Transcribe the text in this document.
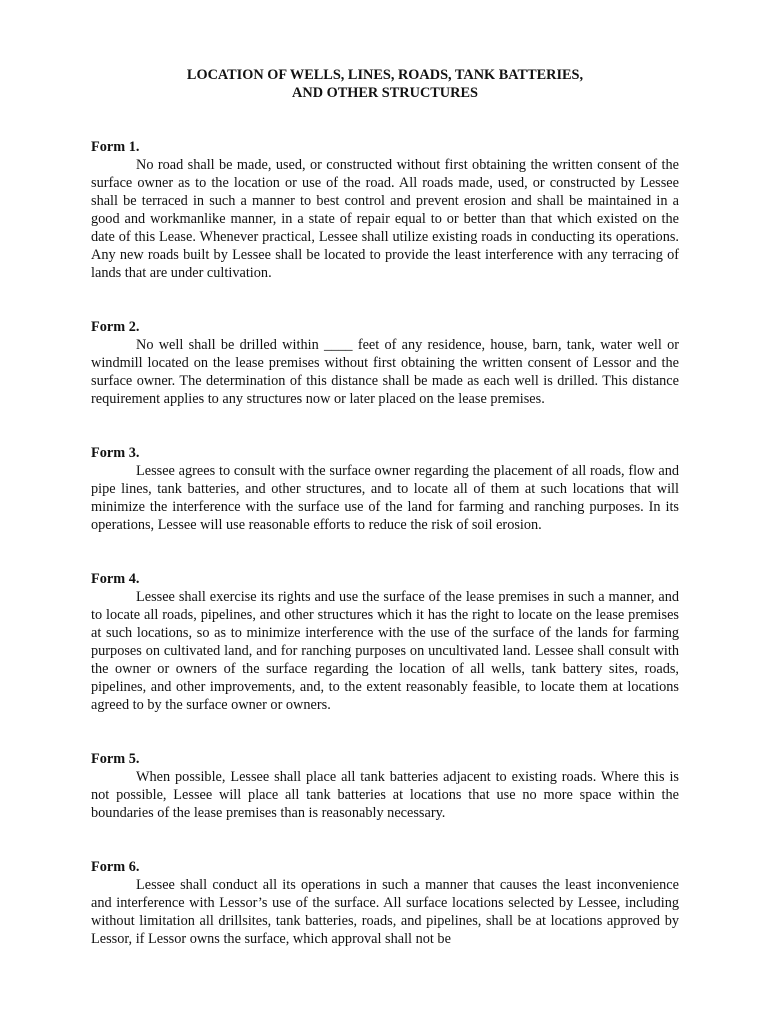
LOCATION OF WELLS, LINES, ROADS, TANK BATTERIES,

AND OTHER STRUCTURES

Form 1.

No road shall be made, used, or constructed without first obtaining the written consent of the surface owner as to the location or use of the road. All roads made, used, or constructed by Lessee shall be terraced in such a manner to best control and prevent erosion and shall be maintained in a good and workmanlike manner, in a state of repair equal to or better than that which existed on the date of this Lease. Whenever practical, Lessee shall utilize existing roads in conducting its operations. Any new roads built by Lessee shall be located to provide the least interference with any terracing of lands that are under cultivation.

Form 2.

No well shall be drilled within ____ feet of any residence, house, barn, tank, water well or windmill located on the lease premises without first obtaining the written consent of Lessor and the surface owner. The determination of this distance shall be made as each well is drilled. This distance requirement applies to any structures now or later placed on the lease premises.

Form 3.

Lessee agrees to consult with the surface owner regarding the placement of all roads, flow and pipe lines, tank batteries, and other structures, and to locate all of them at such locations that will minimize the interference with the surface use of the land for farming and ranching purposes. In its operations, Lessee will use reasonable efforts to reduce the risk of soil erosion.

Form 4.

Lessee shall exercise its rights and use the surface of the lease premises in such a manner, and to locate all roads, pipelines, and other structures which it has the right to locate on the lease premises at such locations, so as to minimize interference with the use of the surface of the lands for farming purposes on cultivated land, and for ranching purposes on uncultivated land. Lessee shall consult with the owner or owners of the surface regarding the location of all wells, tank battery sites, roads, pipelines, and other improvements, and, to the extent reasonably feasible, to locate them at locations agreed to by the surface owner or owners.

Form 5.

When possible, Lessee shall place all tank batteries adjacent to existing roads. Where this is not possible, Lessee will place all tank batteries at locations that use no more space within the boundaries of the lease premises than is reasonably necessary.

Form 6.

Lessee shall conduct all its operations in such a manner that causes the least inconvenience and interference with Lessor’s use of the surface. All surface locations selected by Lessee, including without limitation all drillsites, tank batteries, roads, and pipelines, shall be at locations approved by Lessor, if Lessor owns the surface, which approval shall not be
